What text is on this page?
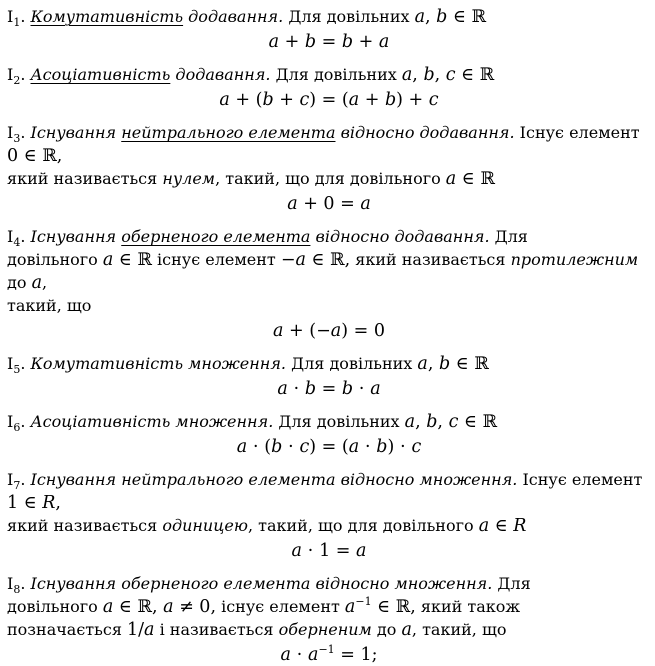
$I_1$. Комутативність додавання. Для довільних a, b ∈ ℝ

a + b = b + a

$I_2$. Асоціативність додавання. Для довільних a, b, c ∈ ℝ

a + (b + c) = (a + b) + c

$I_3$. Існування нейтрального елемента відносно додавання. Існує елемент 0 ∈ ℝ,
який називається нулем, такий, що для довільного a ∈ ℝ

a + 0 = a

$I_4$. Існування оберненого елемента відносно додавання. Для
довільного a ∈ ℝ існує елемент −a ∈ ℝ, який називається протилежним до a,
такий, що

a + (−a) = 0

$I_5$. Комутативність множення. Для довільних a, b ∈ ℝ

a ⋅ b = b ⋅ a

$I_6$. Асоціативність множення. Для довільних a, b, c ∈ ℝ

a ⋅ (b ⋅ c) = (a ⋅ b) ⋅ c

$I_7$. Існування нейтрального елемента відносно множення. Існує елемент 1 ∈ R,
який називається одиницею, такий, що для довільного a ∈ R

a ⋅ 1 = a

$I_8$. Існування оберненого елемента відносно множення. Для
довільного a ∈ ℝ, a ≠ 0, існує елемент $a^{-1}$ ∈ ℝ, який також
позначається 1/a і називається оберненим до a, такий, що

$a \cdot a^{-1} = 1$;
